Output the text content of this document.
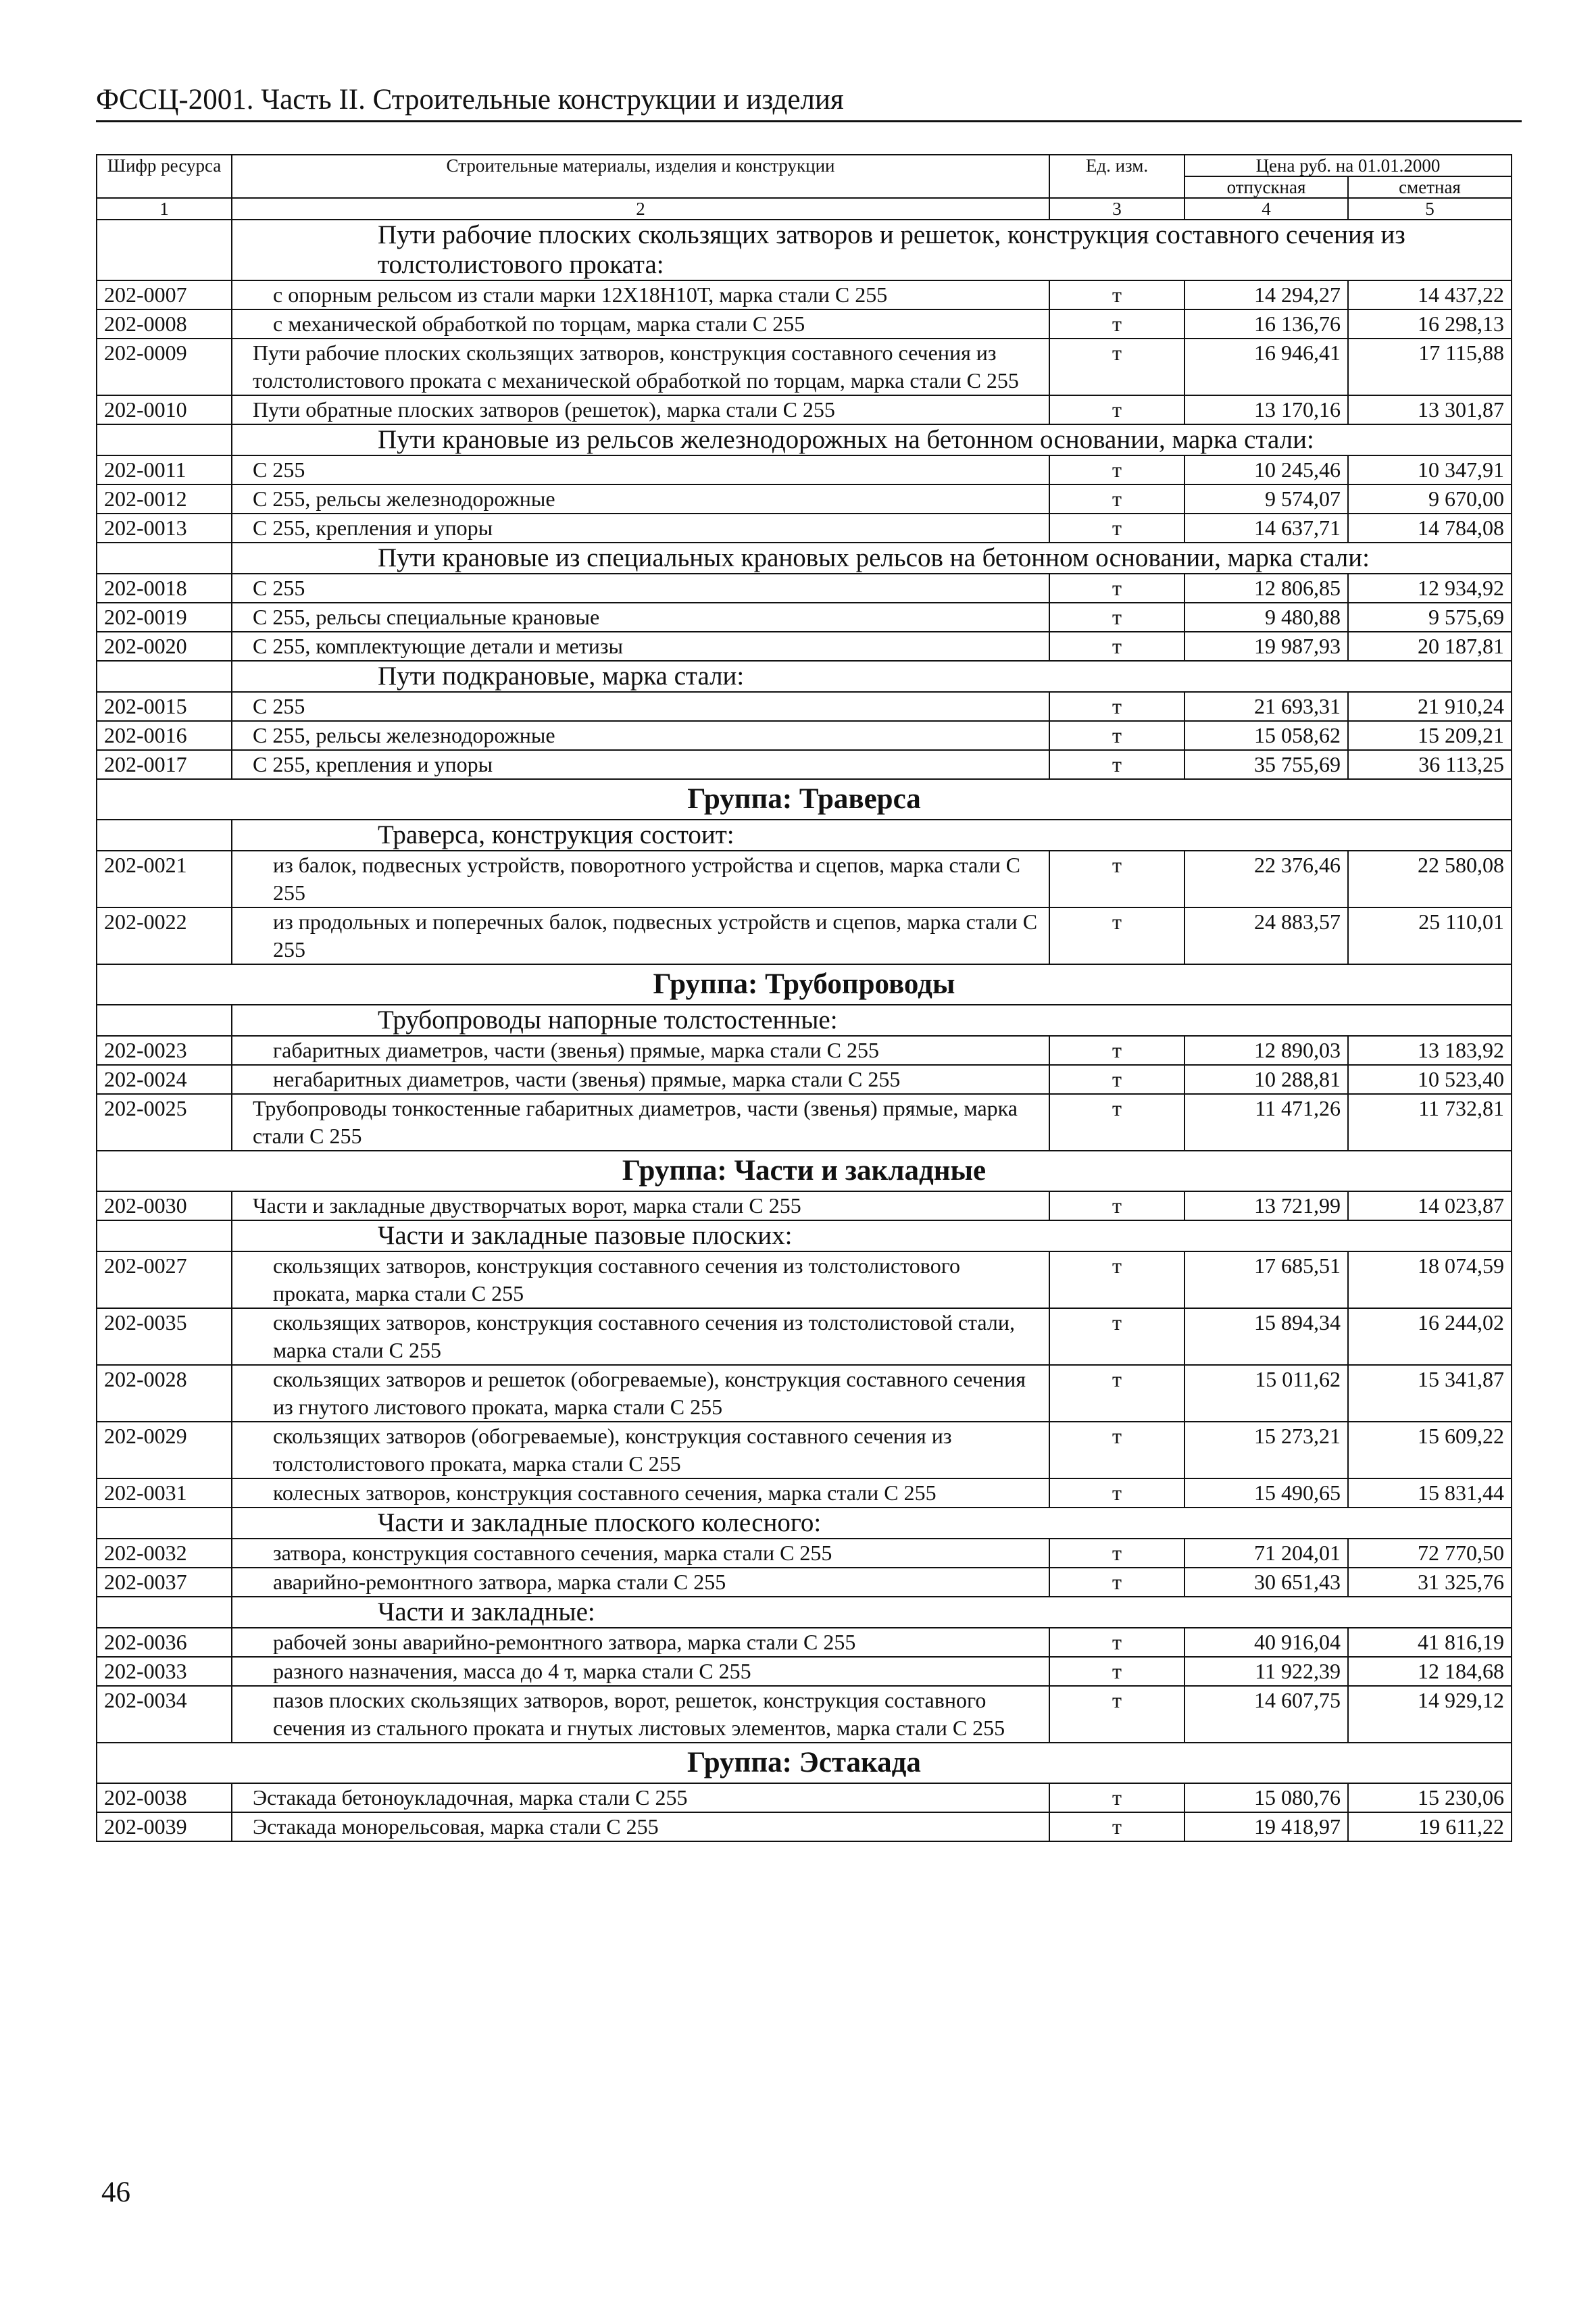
ФССЦ-2001. Часть II. Строительные конструкции и изделия
Шифр ресурса	Строительные материалы, изделия и конструкции	Ед. изм.	Цена руб. на 01.01.2000	
			отпускная	сметная
1	2	3	4	5
	Пути рабочие плоских скользящих затворов и решеток, конструкция составного сечения из толстолистового проката:			
202-0007	с опорным рельсом из стали марки 12Х18Н10Т, марка стали С 255	т	14 294,27	14 437,22
202-0008	с механической обработкой по торцам, марка стали С 255	т	16 136,76	16 298,13
202-0009	Пути рабочие плоских скользящих затворов, конструкция составного сечения из толстолистового проката с механической обработкой по торцам, марка стали С 255	т	16 946,41	17 115,88
202-0010	Пути обратные плоских затворов (решеток), марка стали С 255	т	13 170,16	13 301,87
	Пути крановые из рельсов железнодорожных на бетонном основании, марка стали:			
202-0011	С 255	т	10 245,46	10 347,91
202-0012	С 255, рельсы железнодорожные	т	9 574,07	9 670,00
202-0013	С 255, крепления и упоры	т	14 637,71	14 784,08
	Пути крановые из специальных крановых рельсов на бетонном основании, марка стали:			
202-0018	С 255	т	12 806,85	12 934,92
202-0019	С 255, рельсы специальные крановые	т	9 480,88	9 575,69
202-0020	С 255, комплектующие детали и метизы	т	19 987,93	20 187,81
	Пути подкрановые, марка стали:			
202-0015	С 255	т	21 693,31	21 910,24
202-0016	С 255, рельсы железнодорожные	т	15 058,62	15 209,21
202-0017	С 255, крепления и упоры	т	35 755,69	36 113,25
Группа: Траверса				
	Траверса, конструкция состоит:			
202-0021	из балок, подвесных устройств, поворотного устройства и сцепов, марка стали С 255	т	22 376,46	22 580,08
202-0022	из продольных и поперечных балок, подвесных устройств и сцепов, марка стали С 255	т	24 883,57	25 110,01
Группа: Трубопроводы				
	Трубопроводы напорные толстостенные:			
202-0023	габаритных диаметров, части (звенья) прямые, марка стали С 255	т	12 890,03	13 183,92
202-0024	негабаритных диаметров, части (звенья) прямые, марка стали С 255	т	10 288,81	10 523,40
202-0025	Трубопроводы тонкостенные габаритных диаметров, части (звенья) прямые, марка стали С 255	т	11 471,26	11 732,81
Группа: Части и закладные				
202-0030	Части и закладные двустворчатых ворот, марка стали С 255	т	13 721,99	14 023,87
	Части и закладные пазовые плоских:			
202-0027	скользящих затворов, конструкция составного сечения из толстолистового проката, марка стали С 255	т	17 685,51	18 074,59
202-0035	скользящих затворов, конструкция составного сечения из толстолистовой стали, марка стали С 255	т	15 894,34	16 244,02
202-0028	скользящих затворов и решеток (обогреваемые), конструкция составного сечения из гнутого листового проката, марка стали С 255	т	15 011,62	15 341,87
202-0029	скользящих затворов (обогреваемые), конструкция составного сечения из толстолистового проката, марка стали С 255	т	15 273,21	15 609,22
202-0031	колесных затворов, конструкция составного сечения, марка стали С 255	т	15 490,65	15 831,44
	Части и закладные плоского колесного:			
202-0032	затвора, конструкция составного сечения, марка стали С 255	т	71 204,01	72 770,50
202-0037	аварийно-ремонтного затвора, марка стали С 255	т	30 651,43	31 325,76
	Части и закладные:			
202-0036	рабочей зоны аварийно-ремонтного затвора, марка стали С 255	т	40 916,04	41 816,19
202-0033	разного назначения, масса до 4 т, марка стали С 255	т	11 922,39	12 184,68
202-0034	пазов плоских скользящих затворов, ворот, решеток, конструкция составного сечения из стального проката и гнутых листовых элементов, марка стали С 255	т	14 607,75	14 929,12
Группа: Эстакада				
202-0038	Эстакада бетоноукладочная, марка стали С 255	т	15 080,76	15 230,06
202-0039	Эстакада монорельсовая, марка стали С 255	т	19 418,97	19 611,22
46
